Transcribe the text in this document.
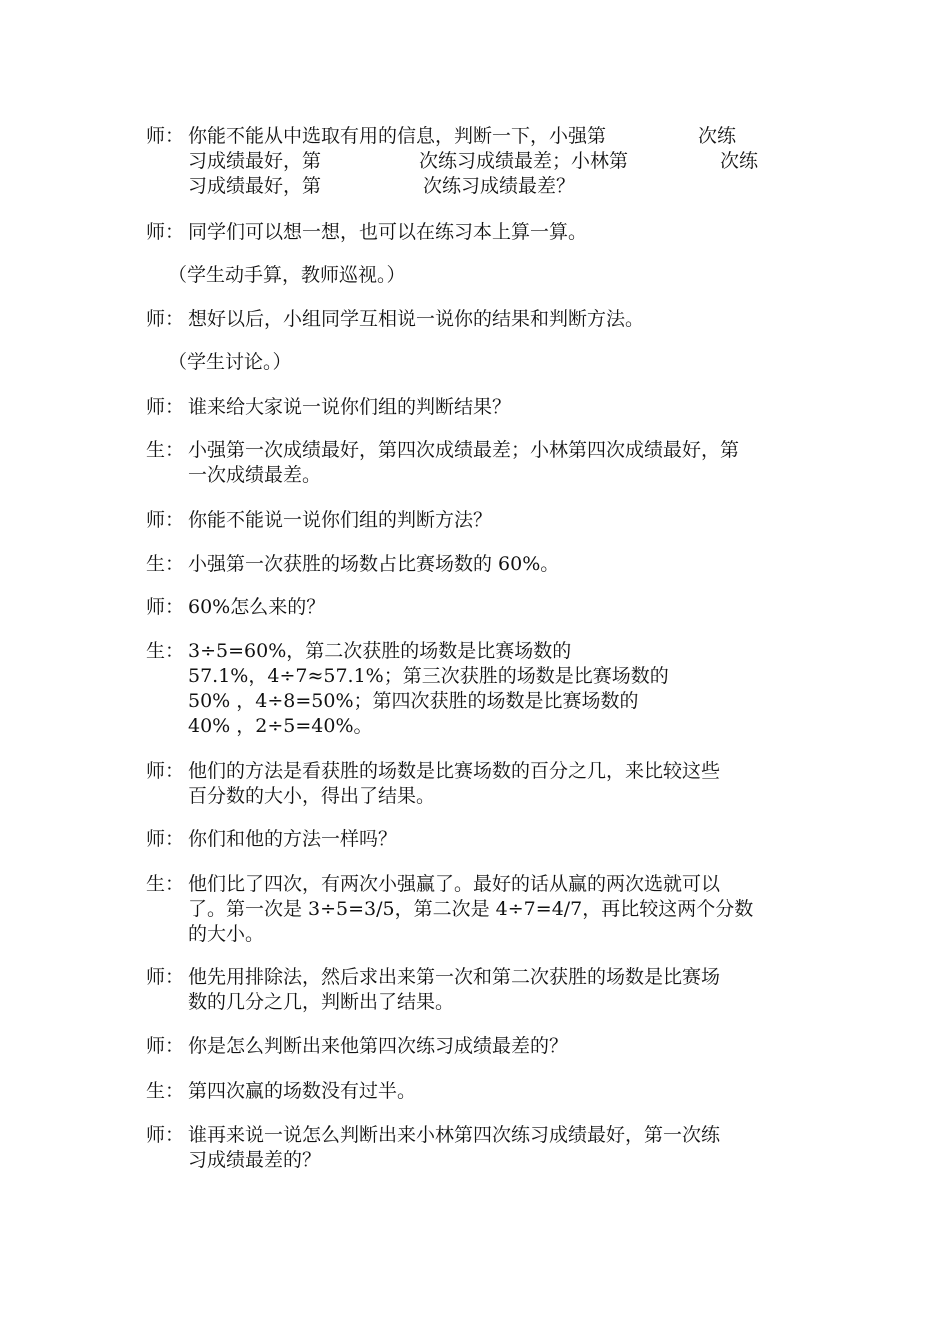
师： 你能不能从中选取有用的信息，判断一下，小强第	次练
习成绩最好，第	次练习成绩最差；小林第	次练
习成绩最好，第	次练习成绩最差？
师： 同学们可以想一想，也可以在练习本上算一算。
（学生动手算，教师巡视。）
师： 想好以后，小组同学互相说一说你的结果和判断方法。
（学生讨论。）
师： 谁来给大家说一说你们组的判断结果？
生： 小强第一次成绩最好，第四次成绩最差；小林第四次成绩最好，第
一次成绩最差。
师： 你能不能说一说你们组的判断方法？
生： 小强第一次获胜的场数占比赛场数的 60%。
师： 60%怎么来的？
生： 3÷5=60%，第二次获胜的场数是比赛场数的
57.1%，4÷7≈57.1%；第三次获胜的场数是比赛场数的
50% ，4÷8=50%；第四次获胜的场数是比赛场数的
40% ，2÷5=40%。
师： 他们的方法是看获胜的场数是比赛场数的百分之几，来比较这些
百分数的大小，得出了结果。
师： 你们和他的方法一样吗？
生： 他们比了四次，有两次小强赢了。最好的话从赢的两次选就可以
了。第一次是 3÷5=3/5，第二次是 4÷7=4/7，再比较这两个分数
的大小。
师： 他先用排除法，然后求出来第一次和第二次获胜的场数是比赛场
数的几分之几，判断出了结果。
师： 你是怎么判断出来他第四次练习成绩最差的？
生： 第四次赢的场数没有过半。
师： 谁再来说一说怎么判断出来小林第四次练习成绩最好，第一次练
习成绩最差的？
